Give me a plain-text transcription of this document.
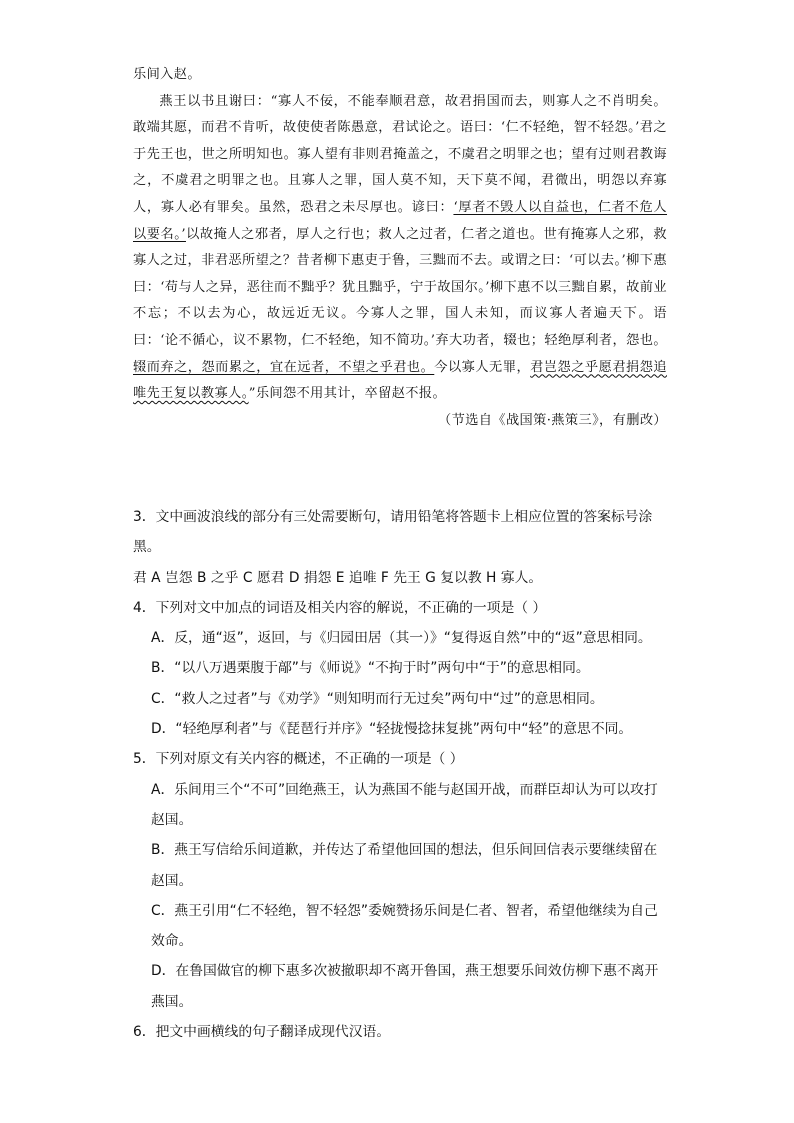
乐间入赵。

燕王以书且谢曰：“寡人不佞，不能奉顺君意，故君捐国而去，则寡人之不肖明矣。敢端其愿，而君不肯听，故使使者陈愚意，君试论之。语曰：‘仁不轻绝，智不轻怨。’君之于先王也，世之所明知也。寡人望有非则君掩盖之，不虞君之明罪之也；望有过则君教诲之，不虞君之明罪之也。且寡人之罪，国人莫不知，天下莫不闻，君微出，明怨以弃寡人，寡人必有罪矣。虽然，恐君之未尽厚也。谚曰：‘厚者不毁人以自益也，仁者不危人以要名。’以故掩人之邪者，厚人之行也；救人之过者，仁者之道也。世有掩寡人之邪，救寡人之过，非君恶所望之？昔者柳下惠吏于鲁，三黜而不去。或谓之曰：‘可以去。’柳下惠曰：‘苟与人之异，恶往而不黜乎？犹且黜乎，宁于故国尔。’柳下惠不以三黜自累，故前业不忘；不以去为心，故远近无议。今寡人之罪，国人未知，而议寡人者遍天下。语曰：‘论不循心，议不累物，仁不轻绝，知不简功。’弃大功者，辍也；轻绝厚利者，怨也。辍而弃之，怨而累之，宜在远者，不望之乎君也。今以寡人无罪，君岂怨之乎愿君捐怨追唯先王复以教寡人。”乐间怨不用其计，卒留赵不报。

（节选自《战国策·燕策三》，有删改）

3．文中画波浪线的部分有三处需要断句，请用铅笔将答题卡上相应位置的答案标号涂黑。

君 A 岂怨 B 之乎 C 愿君 D 捐怨 E 追唯 F 先王 G 复以教 H 寡人。

4．下列对文中加点的词语及相关内容的解说，不正确的一项是（ ）

A．反，通“返”，返回，与《归园田居（其一）》“复得返自然”中的“返”意思相同。

B．“以八万遇栗腹于鄗”与《师说》“不拘于时”两句中“于”的意思相同。

C．“救人之过者”与《劝学》“则知明而行无过矣”两句中“过”的意思相同。

D．“轻绝厚利者”与《琵琶行并序》“轻拢慢捻抹复挑”两句中“轻”的意思不同。

5．下列对原文有关内容的概述，不正确的一项是（ ）

A．乐间用三个“不可”回绝燕王，认为燕国不能与赵国开战，而群臣却认为可以攻打赵国。

B．燕王写信给乐间道歉，并传达了希望他回国的想法，但乐间回信表示要继续留在赵国。

C．燕王引用“仁不轻绝，智不轻怨”委婉赞扬乐间是仁者、智者，希望他继续为自己效命。

D．在鲁国做官的柳下惠多次被撤职却不离开鲁国，燕王想要乐间效仿柳下惠不离开燕国。

6．把文中画横线的句子翻译成现代汉语。
